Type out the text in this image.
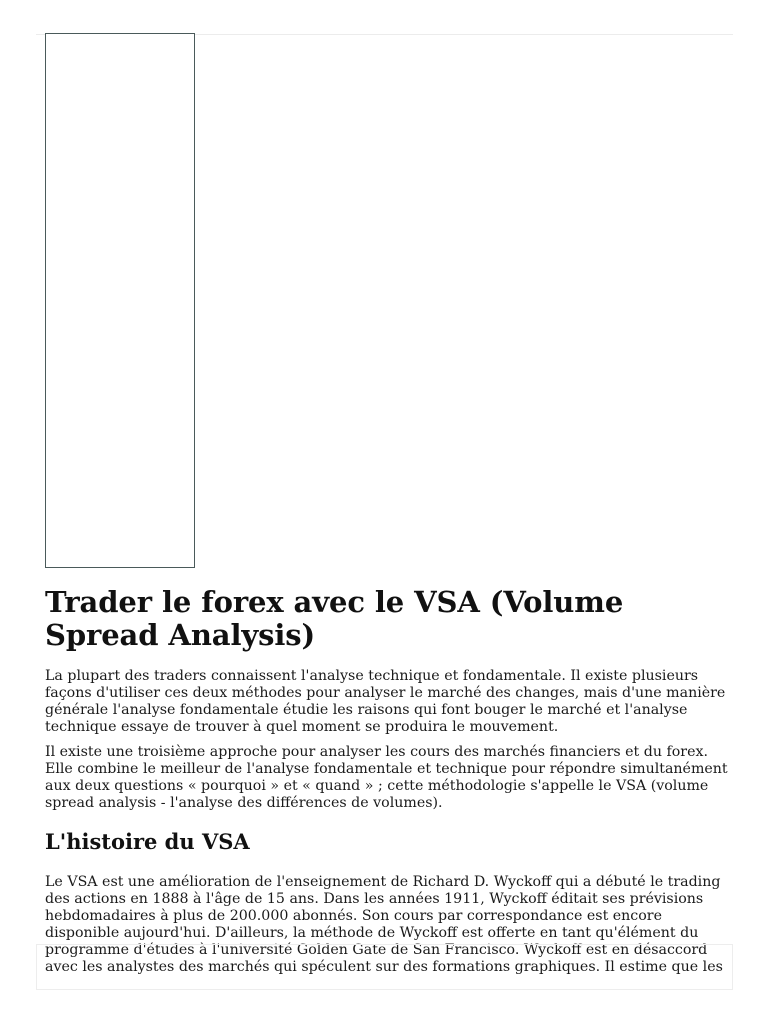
Trader le forex avec le VSA (Volume Spread Analysis)

La plupart des traders connaissent l'analyse technique et fondamentale. Il existe plusieurs façons d'utiliser ces deux méthodes pour analyser le marché des changes, mais d'une manière générale l'analyse fondamentale étudie les raisons qui font bouger le marché et l'analyse technique essaye de trouver à quel moment se produira le mouvement.

Il existe une troisième approche pour analyser les cours des marchés financiers et du forex. Elle combine le meilleur de l'analyse fondamentale et technique pour répondre simultanément aux deux questions « pourquoi » et « quand » ; cette méthodologie s'appelle le VSA (volume spread analysis - l'analyse des différences de volumes).

L'histoire du VSA

Le VSA est une amélioration de l'enseignement de Richard D. Wyckoff qui a débuté le trading des actions en 1888 à l'âge de 15 ans. Dans les années 1911, Wyckoff éditait ses prévisions hebdomadaires à plus de 200.000 abonnés. Son cours par correspondance est encore disponible aujourd'hui. D'ailleurs, la méthode de Wyckoff est offerte en tant qu'élément du programme d'études à l'université Golden Gate de San Francisco. Wyckoff est en désaccord avec les analystes des marchés qui spéculent sur des formations graphiques. Il estime que les
